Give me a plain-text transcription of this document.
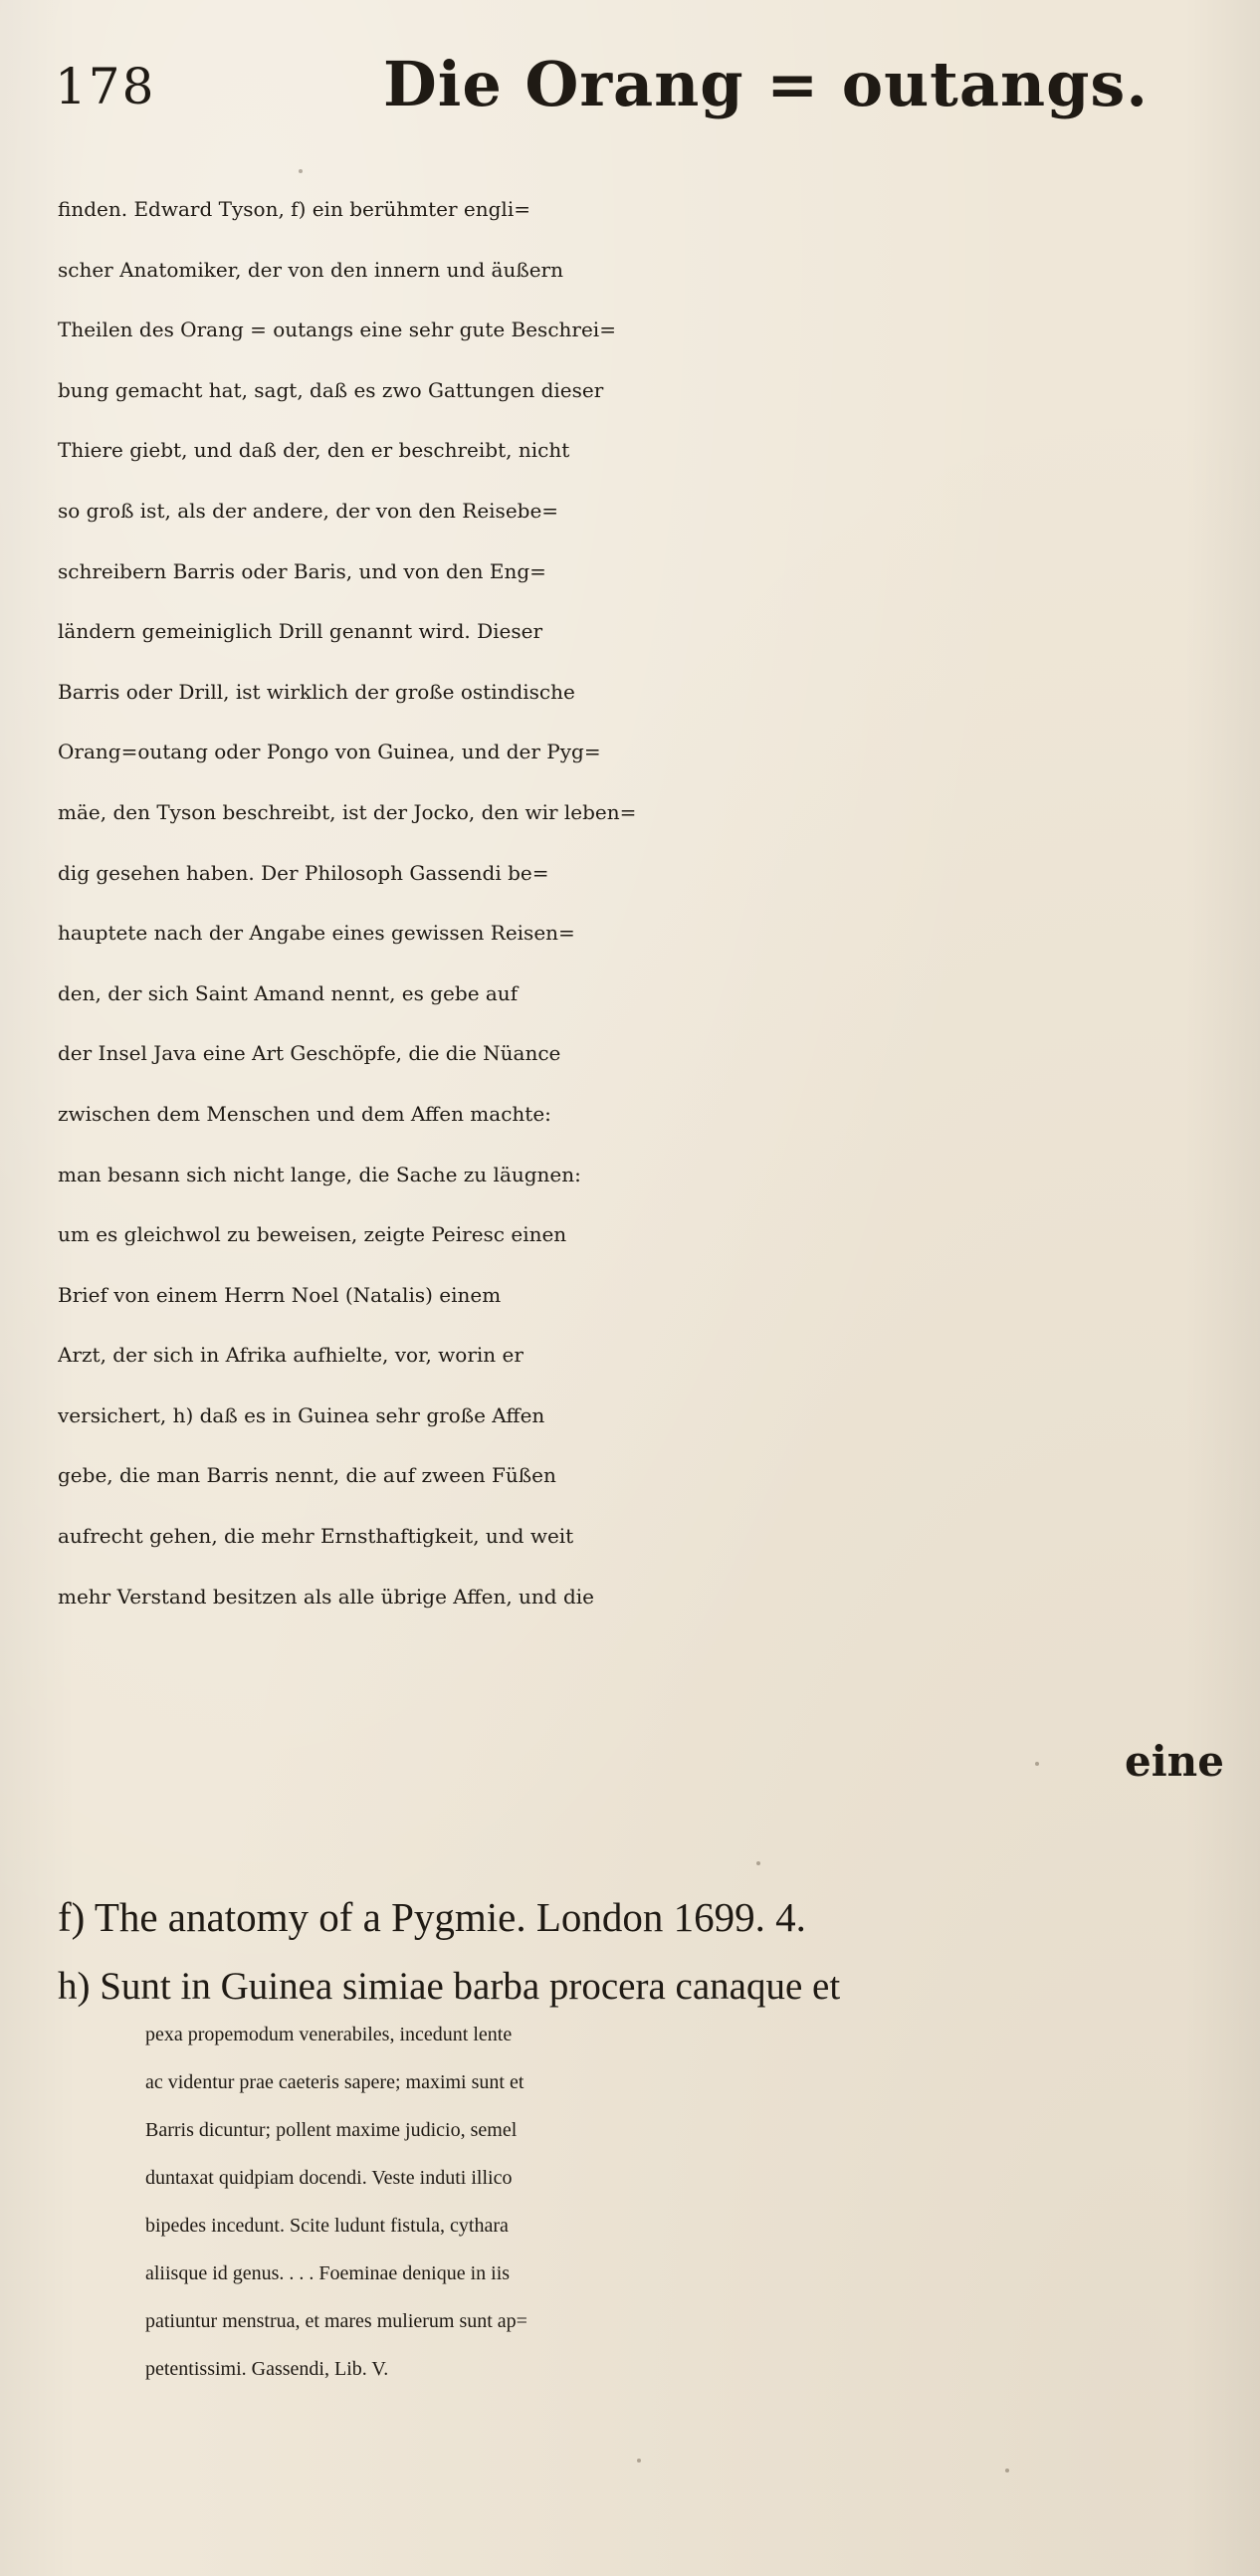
178	Die Orang = outangs.
finden. Edward Tyson, f) ein berühmter engli=
scher Anatomiker, der von den innern und äußern
Theilen des Orang = outangs eine sehr gute Beschrei=
bung gemacht hat, sagt, daß es zwo Gattungen dieser
Thiere giebt, und daß der, den er beschreibt, nicht
so groß ist, als der andere, der von den Reisebe=
schreibern Barris oder Baris, und von den Eng=
ländern gemeiniglich Drill genannt wird. Dieser
Barris oder Drill, ist wirklich der große ostindische
Orang=outang oder Pongo von Guinea, und der Pyg=
mäe, den Tyson beschreibt, ist der Jocko, den wir leben=
dig gesehen haben. Der Philosoph Gassendi be=
hauptete nach der Angabe eines gewissen Reisen=
den, der sich Saint Amand nennt, es gebe auf
der Insel Java eine Art Geschöpfe, die die Nüance
zwischen dem Menschen und dem Affen machte:
man besann sich nicht lange, die Sache zu läugnen:
um es gleichwol zu beweisen, zeigte Peiresc einen
Brief von einem Herrn Noel (Natalis) einem
Arzt, der sich in Afrika aufhielte, vor, worin er
versichert, h) daß es in Guinea sehr große Affen
gebe, die man Barris nennt, die auf zween Füßen
aufrecht gehen, die mehr Ernsthaftigkeit, und weit
mehr Verstand besitzen als alle übrige Affen, und die
eine
f) The anatomy of a Pygmie. London 1699. 4.
h) Sunt in Guinea simiae barba procera canaque et
pexa propemodum venerabiles, incedunt lente
ac videntur prae caeteris sapere; maximi sunt et
Barris dicuntur; pollent maxime judicio, semel
duntaxat quidpiam docendi. Veste induti illico
bipedes incedunt. Scite ludunt fistula, cythara
aliisque id genus. . . . Foeminae denique in iis
patiuntur menstrua, et mares mulierum sunt ap=
petentissimi. Gassendi, Lib. V.
